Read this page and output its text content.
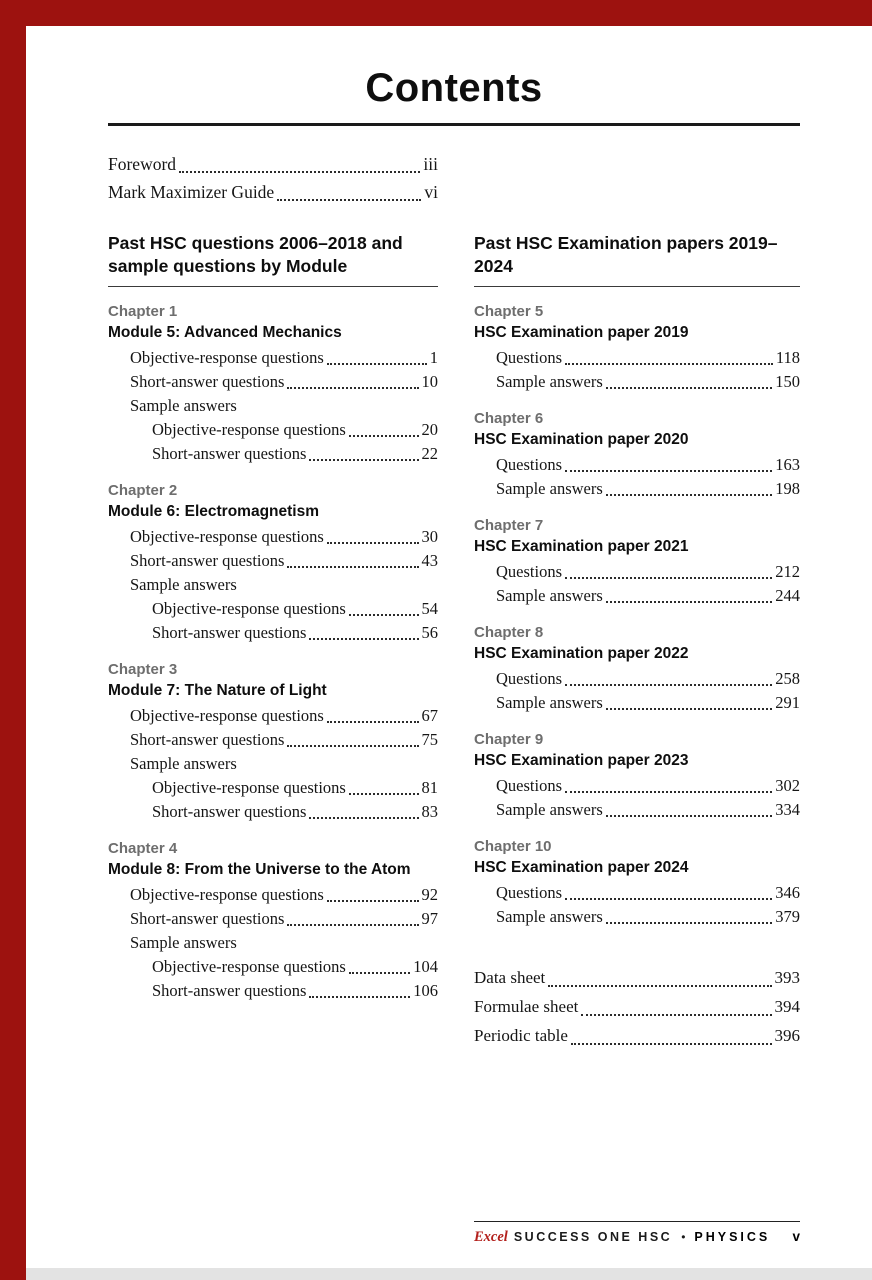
Contents
Foreword	iii
Mark Maximizer Guide	vi
Past HSC questions 2006–2018 and sample questions by Module
Chapter 1
Module 5: Advanced Mechanics
Objective-response questions	1
Short-answer questions	10
Sample answers
Objective-response questions	20
Short-answer questions	22
Chapter 2
Module 6: Electromagnetism
Objective-response questions	30
Short-answer questions	43
Sample answers
Objective-response questions	54
Short-answer questions	56
Chapter 3
Module 7: The Nature of Light
Objective-response questions	67
Short-answer questions	75
Sample answers
Objective-response questions	81
Short-answer questions	83
Chapter 4
Module 8: From the Universe to the Atom
Objective-response questions	92
Short-answer questions	97
Sample answers
Objective-response questions	104
Short-answer questions	106
Past HSC Examination papers 2019–2024
Chapter 5
HSC Examination paper 2019
Questions	118
Sample answers	150
Chapter 6
HSC Examination paper 2020
Questions	163
Sample answers	198
Chapter 7
HSC Examination paper 2021
Questions	212
Sample answers	244
Chapter 8
HSC Examination paper 2022
Questions	258
Sample answers	291
Chapter 9
HSC Examination paper 2023
Questions	302
Sample answers	334
Chapter 10
HSC Examination paper 2024
Questions	346
Sample answers	379
Data sheet	393
Formulae sheet	394
Periodic table	396
Excel SUCCESS ONE HSC • PHYSICS v
